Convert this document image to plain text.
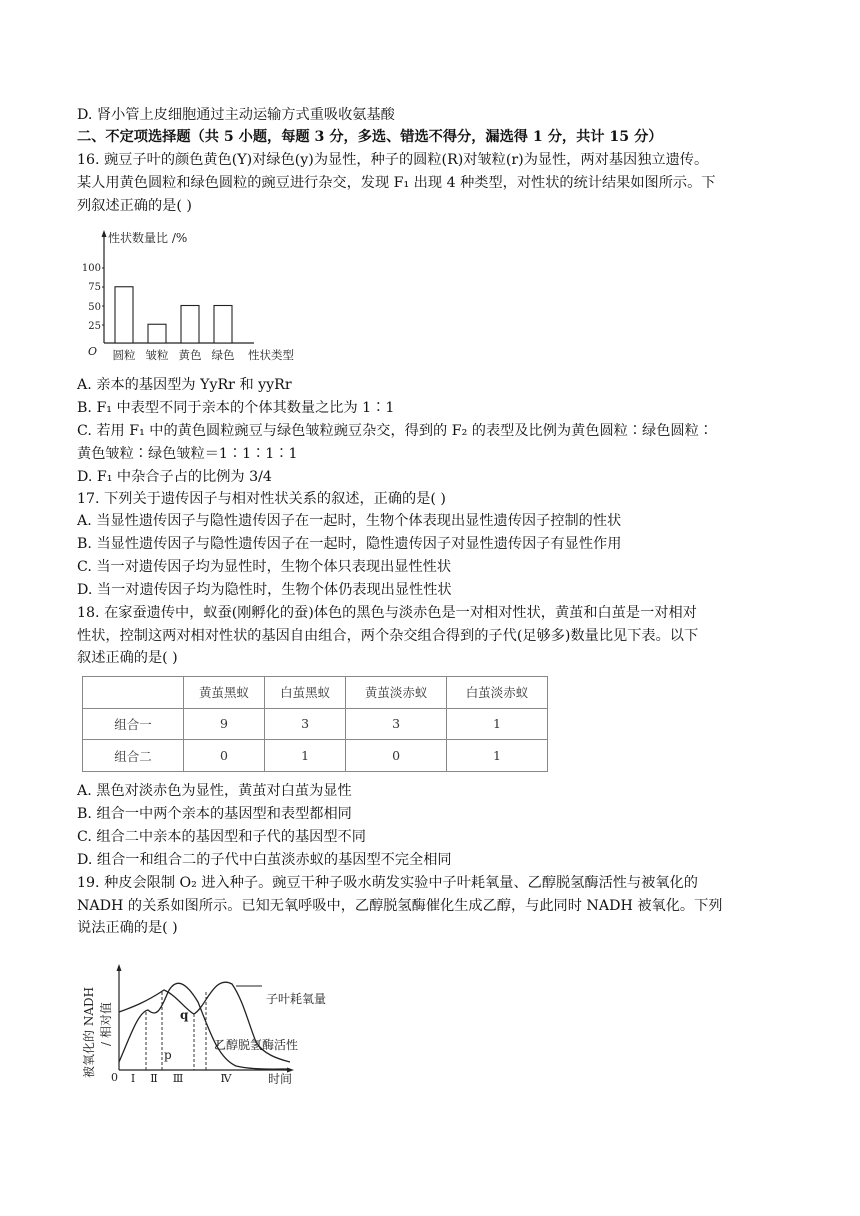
D. 肾小管上皮细胞通过主动运输方式重吸收氨基酸
二、不定项选择题（共 5 小题，每题 3 分，多选、错选不得分，漏选得 1 分，共计 15 分）
16. 豌豆子叶的颜色黄色(Y)对绿色(y)为显性，种子的圆粒(R)对皱粒(r)为显性，两对基因独立遗传。
某人用黄色圆粒和绿色圆粒的豌豆进行杂交，发现 F₁ 出现 4 种类型，对性状的统计结果如图所示。下
列叙述正确的是( )
性状数量比 /%
O
100
75
50
25
圆粒 皱粒 黄色 绿色 性状类型
A. 亲本的基因型为 YyRr 和 yyRr
B. F₁ 中表型不同于亲本的个体其数量之比为 1∶1
C. 若用 F₁ 中的黄色圆粒豌豆与绿色皱粒豌豆杂交，得到的 F₂ 的表型及比例为黄色圆粒∶绿色圆粒∶
黄色皱粒∶绿色皱粒＝1∶1∶1∶1
D. F₁ 中杂合子占的比例为 3/4
17. 下列关于遗传因子与相对性状关系的叙述，正确的是( )
A. 当显性遗传因子与隐性遗传因子在一起时，生物个体表现出显性遗传因子控制的性状
B. 当显性遗传因子与隐性遗传因子在一起时，隐性遗传因子对显性遗传因子有显性作用
C. 当一对遗传因子均为显性时，生物个体只表现出显性性状
D. 当一对遗传因子均为隐性时，生物个体仍表现出显性性状
18. 在家蚕遗传中，蚁蚕(刚孵化的蚕)体色的黑色与淡赤色是一对相对性状，黄茧和白茧是一对相对
性状，控制这两对相对性状的基因自由组合，两个杂交组合得到的子代(足够多)数量比见下表。以下
叙述正确的是( )
	黄茧黑蚁	白茧黑蚁	黄茧淡赤蚁	白茧淡赤蚁
组合一	9	3	3	1
组合二	0	1	0	1
A. 黑色对淡赤色为显性，黄茧对白茧为显性
B. 组合一中两个亲本的基因型和表型都相同
C. 组合二中亲本的基因型和子代的基因型不同
D. 组合一和组合二的子代中白茧淡赤蚁的基因型不完全相同
19. 种皮会限制 O₂ 进入种子。豌豆干种子吸水萌发实验中子叶耗氧量、乙醇脱氢酶活性与被氧化的
NADH 的关系如图所示。已知无氧呼吸中，乙醇脱氢酶催化生成乙醇，与此同时 NADH 被氧化。下列
说法正确的是( )
被氧化的 NADH / 相对值
子叶耗氧量
乙醇脱氢酶活性
q
p
0 Ⅰ Ⅱ Ⅲ	Ⅳ	时间
